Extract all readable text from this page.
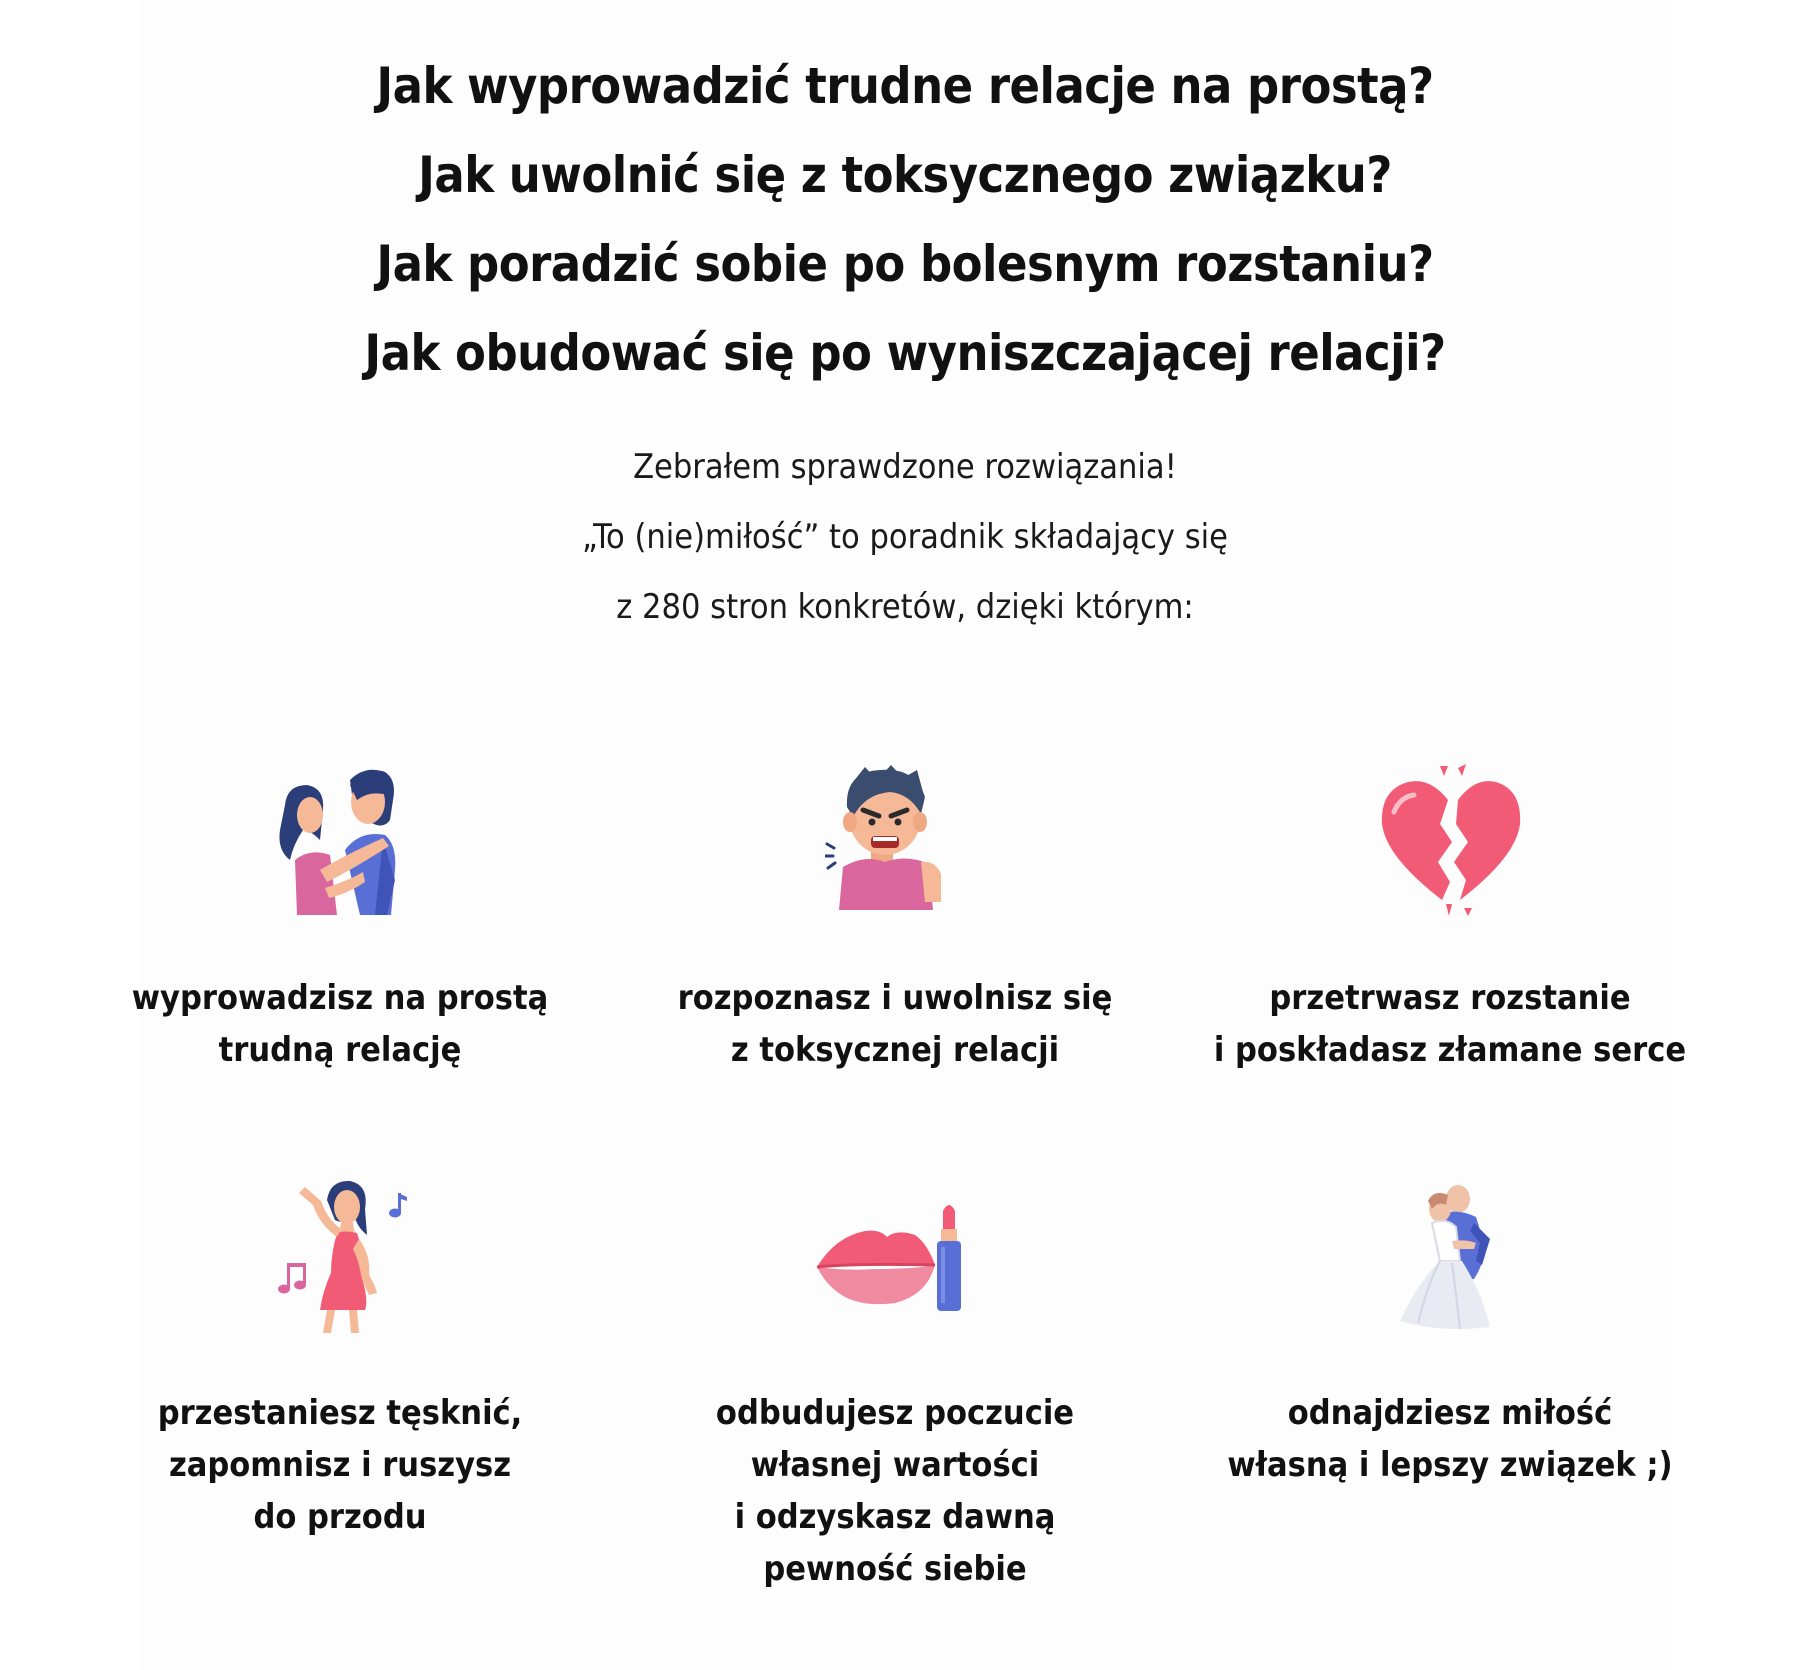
Jak wyprowadzić trudne relacje na prostą?
Jak uwolnić się z toksycznego związku?
Jak poradzić sobie po bolesnym rozstaniu?
Jak obudować się po wyniszczającej relacji?
Zebrałem sprawdzone rozwiązania!
„To (nie)miłość” to poradnik składający się
z 280 stron konkretów, dzięki którym:
wyprowadzisz na prostą
trudną relację
rozpoznasz i uwolnisz się
z toksycznej relacji
przetrwasz rozstanie
i poskładasz złamane serce
przestaniesz tęsknić,
zapomnisz i ruszysz
do przodu
odbudujesz poczucie
własnej wartości
i odzyskasz dawną
pewność siebie
odnajdziesz miłość
własną i lepszy związek ;)
